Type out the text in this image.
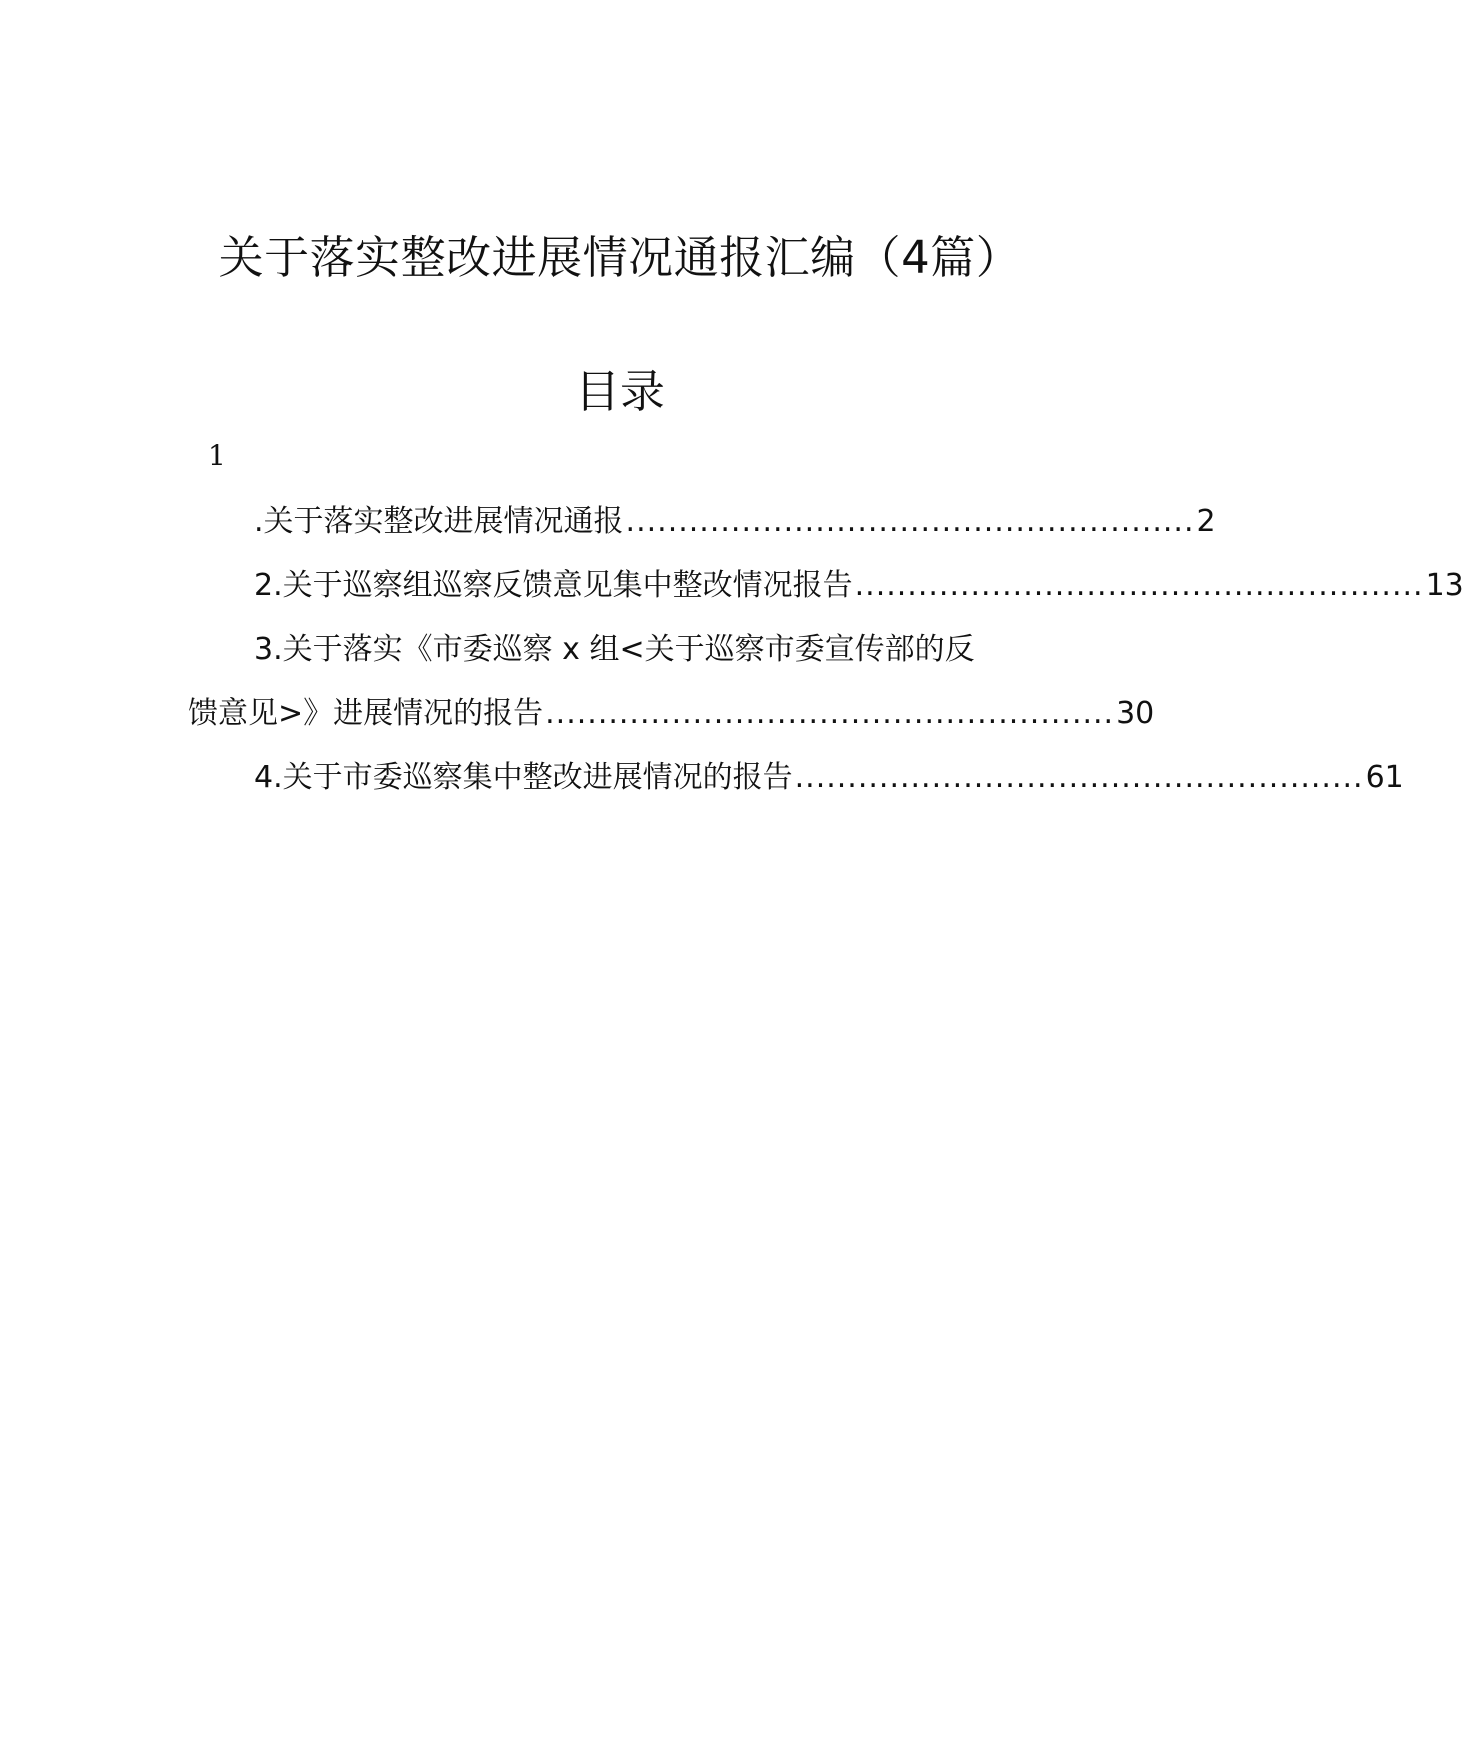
关于落实整改进展情况通报汇编（4篇）
目录
1
.关于落实整改进展情况通报 ...................................................... 2
2.关于巡察组巡察反馈意见集中整改情况报告 ...................................................... 13
3.关于落实《市委巡察 x 组<关于巡察市委宣传部的反
馈意见>》进展情况的报告 ...................................................... 30
4.关于市委巡察集中整改进展情况的报告 ...................................................... 61
